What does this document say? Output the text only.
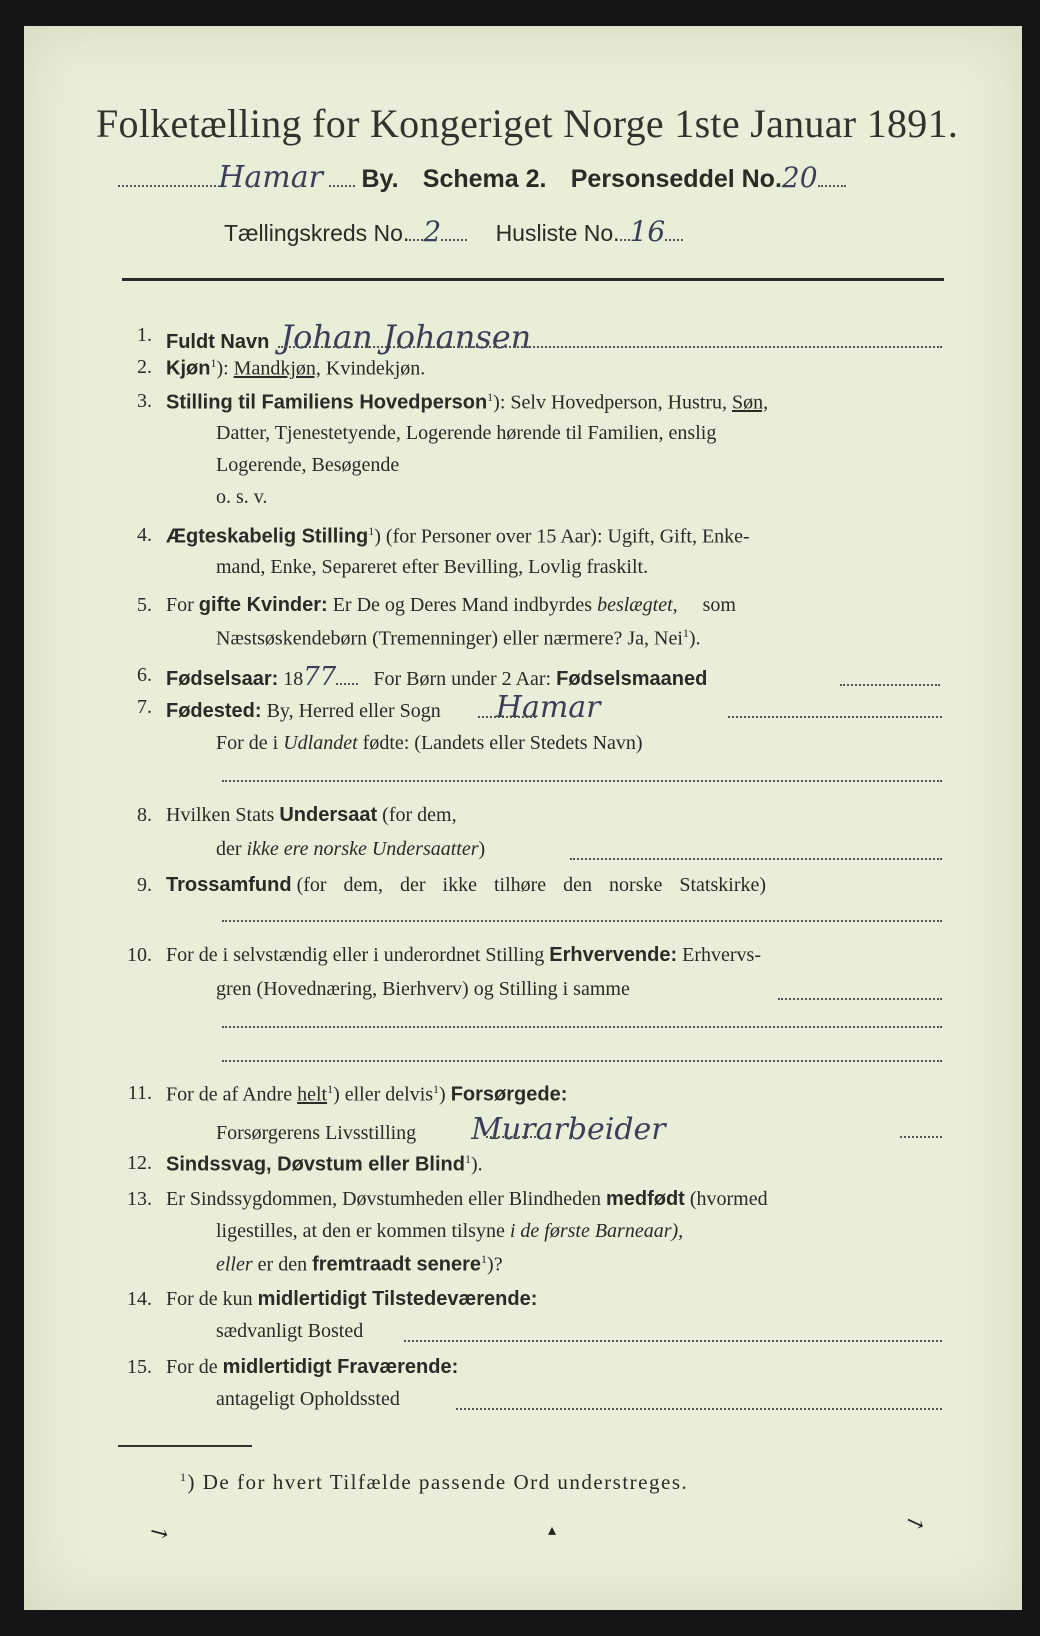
Folketælling for Kongeriget Norge 1ste Januar 1891.
Hamar By. Schema 2. Personseddel No.20
Tællingskreds No. 2 Husliste No. 16
1. Fuldt Navn Johan Johansen
2. Kjøn$^1$): Mandkjøn, Kvindekjøn.
3. Stilling til Familiens Hovedperson$^1$): Selv Hovedperson, Hustru, Søn,
Datter, Tjenestetyende, Logerende hørende til Familien, enslig
Logerende, Besøgende
o. s. v.
4. Ægteskabelig Stilling$^1$) (for Personer over 15 Aar): Ugift, Gift, Enke-
mand, Enke, Separeret efter Bevilling, Lovlig fraskilt.
5. For gifte Kvinder: Er De og Deres Mand indbyrdes beslægtet, som
Næstsøskendebørn (Tremenninger) eller nærmere? Ja, Nei$^1$).
6. Fødselsaar: 1877 For Børn under 2 Aar: Fødselsmaaned
7. Fødested: By, Herred eller Sogn Hamar
For de i Udlandet fødte: (Landets eller Stedets Navn)
8. Hvilken Stats Undersaat (for dem,
der ikke ere norske Undersaatter)
9. Trossamfund (for dem, der ikke tilhøre den norske Statskirke)
10. For de i selvstændig eller i underordnet Stilling Erhvervende: Erhvervs-
gren (Hovednæring, Bierhverv) og Stilling i samme
11. For de af Andre helt$^1$) eller delvis$^1$) Forsørgede:
Forsørgerens Livsstilling Murarbeider
12. Sindssvag, Døvstum eller Blind$^1$).
13. Er Sindssygdommen, Døvstumheden eller Blindheden medfødt (hvormed
ligestilles, at den er kommen tilsyne i de første Barneaar),
eller er den fremtraadt senere$^1$)?
14. For de kun midlertidigt Tilstedeværende:
sædvanligt Bosted
15. For de midlertidigt Fraværende:
antageligt Opholdssted
$^1$) De for hvert Tilfælde passende Ord understreges.
↘	▴	↘
